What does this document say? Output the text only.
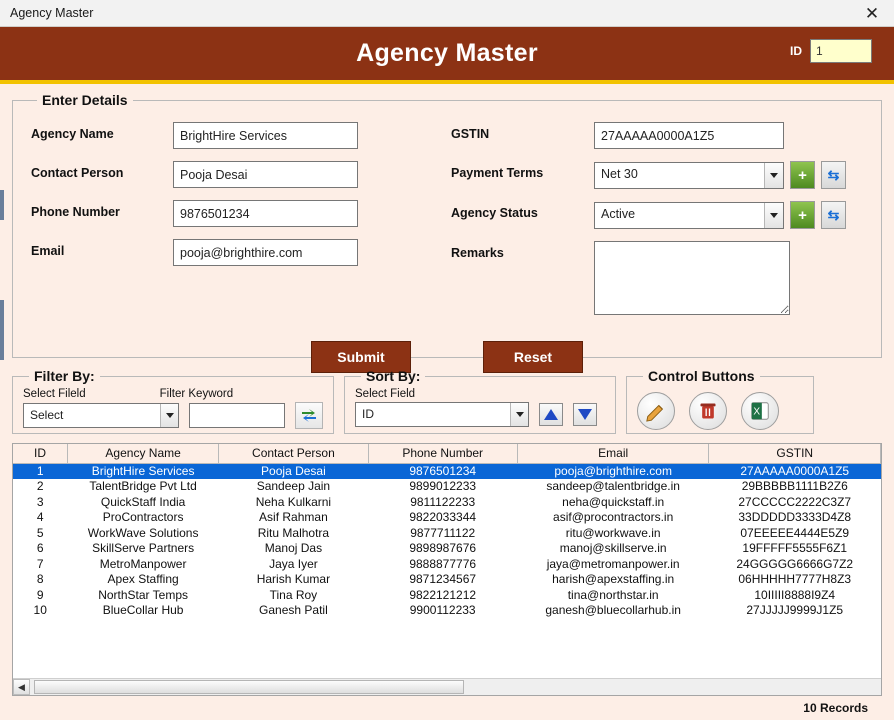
Agency Master	✕
Agency Master	ID
1
Enter Details
Agency Name
BrightHire Services
Contact Person
Pooja Desai
Phone Number
9876501234
Email
pooja@brighthire.com
GSTIN
27AAAAA0000A1Z5
Payment Terms	Net 30	+	⇆
Agency Status	Active	+	⇆
Remarks
Submit	Reset
Filter By:
Select Fileld	Filter Keyword
Select
Sort By:
Select Field
ID
Control Buttons
X
ID	Agency Name	Contact Person	Phone Number	Email	GSTIN
1	BrightHire Services	Pooja Desai	9876501234	pooja@brighthire.com	27AAAAA0000A1Z5
2	TalentBridge Pvt Ltd	Sandeep Jain	9899012233	sandeep@talentbridge.in	29BBBBB1111B2Z6
3	QuickStaff India	Neha Kulkarni	9811122233	neha@quickstaff.in	27CCCCC2222C3Z7
4	ProContractors	Asif Rahman	9822033344	asif@procontractors.in	33DDDDD3333D4Z8
5	WorkWave Solutions	Ritu Malhotra	9877711122	ritu@workwave.in	07EEEEE4444E5Z9
6	SkillServe Partners	Manoj Das	9898987676	manoj@skillserve.in	19FFFFF5555F6Z1
7	MetroManpower	Jaya Iyer	9888877776	jaya@metromanpower.in	24GGGGG6666G7Z2
8	Apex Staffing	Harish Kumar	9871234567	harish@apexstaffing.in	06HHHHH7777H8Z3
9	NorthStar Temps	Tina Roy	9822121212	tina@northstar.in	10IIIII8888I9Z4
10	BlueCollar Hub	Ganesh Patil	9900112233	ganesh@bluecollarhub.in	27JJJJJ9999J1Z5
◀
10 Records
